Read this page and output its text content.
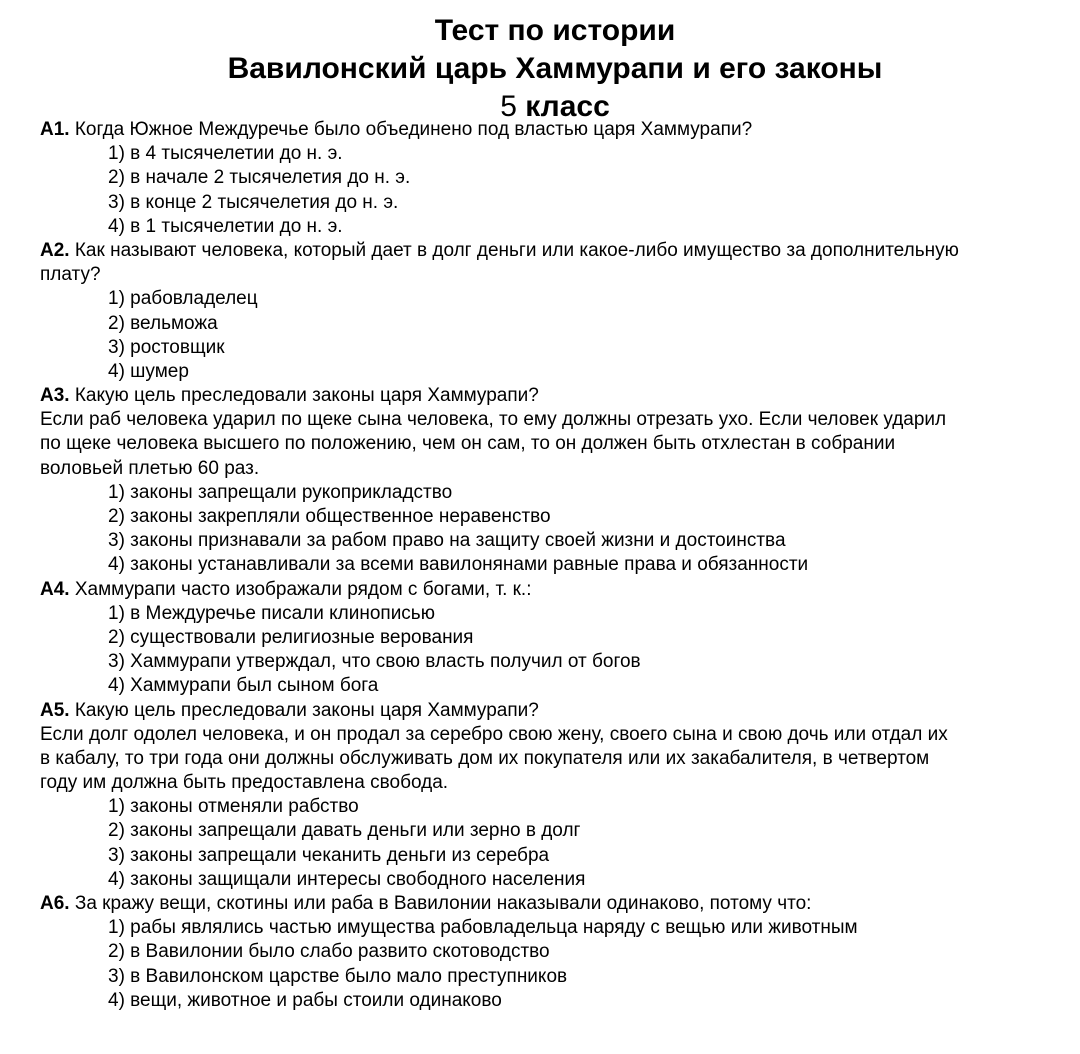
Тест по истории
Вавилонский царь Хаммурапи и его законы
5 класс
А1. Когда Южное Междуречье было объединено под властью царя Хаммурапи?
1) в 4 тысячелетии до н. э.
2) в начале 2 тысячелетия до н. э.
3) в конце 2 тысячелетия до н. э.
4) в 1 тысячелетии до н. э.
А2. Как называют человека, который дает в долг деньги или какое-либо имущество за дополнительную
плату?
1) рабовладелец
2) вельможа
3) ростовщик
4) шумер
А3. Какую цель преследовали законы царя Хаммурапи?
Если раб человека ударил по щеке сына человека, то ему должны отрезать ухо. Если человек ударил
по щеке человека высшего по положению, чем он сам, то он должен быть отхлестан в собрании
воловьей плетью 60 раз.
1) законы запрещали рукоприкладство
2) законы закрепляли общественное неравенство
3) законы признавали за рабом право на защиту своей жизни и достоинства
4) законы устанавливали за всеми вавилонянами равные права и обязанности
А4. Хаммурапи часто изображали рядом с богами, т. к.:
1) в Междуречье писали клинописью
2) существовали религиозные верования
3) Хаммурапи утверждал, что свою власть получил от богов
4) Хаммурапи был сыном бога
А5. Какую цель преследовали законы царя Хаммурапи?
Если долг одолел человека, и он продал за серебро свою жену, своего сына и свою дочь или отдал их
в кабалу, то три года они должны обслуживать дом их покупателя или их закабалителя, в четвертом
году им должна быть предоставлена свобода.
1) законы отменяли рабство
2) законы запрещали давать деньги или зерно в долг
3) законы запрещали чеканить деньги из серебра
4) законы защищали интересы свободного населения
А6. За кражу вещи, скотины или раба в Вавилонии наказывали одинаково, потому что:
1) рабы являлись частью имущества рабовладельца наряду с вещью или животным
2) в Вавилонии было слабо развито скотоводство
3) в Вавилонском царстве было мало преступников
4) вещи, животное и рабы стоили одинаково
